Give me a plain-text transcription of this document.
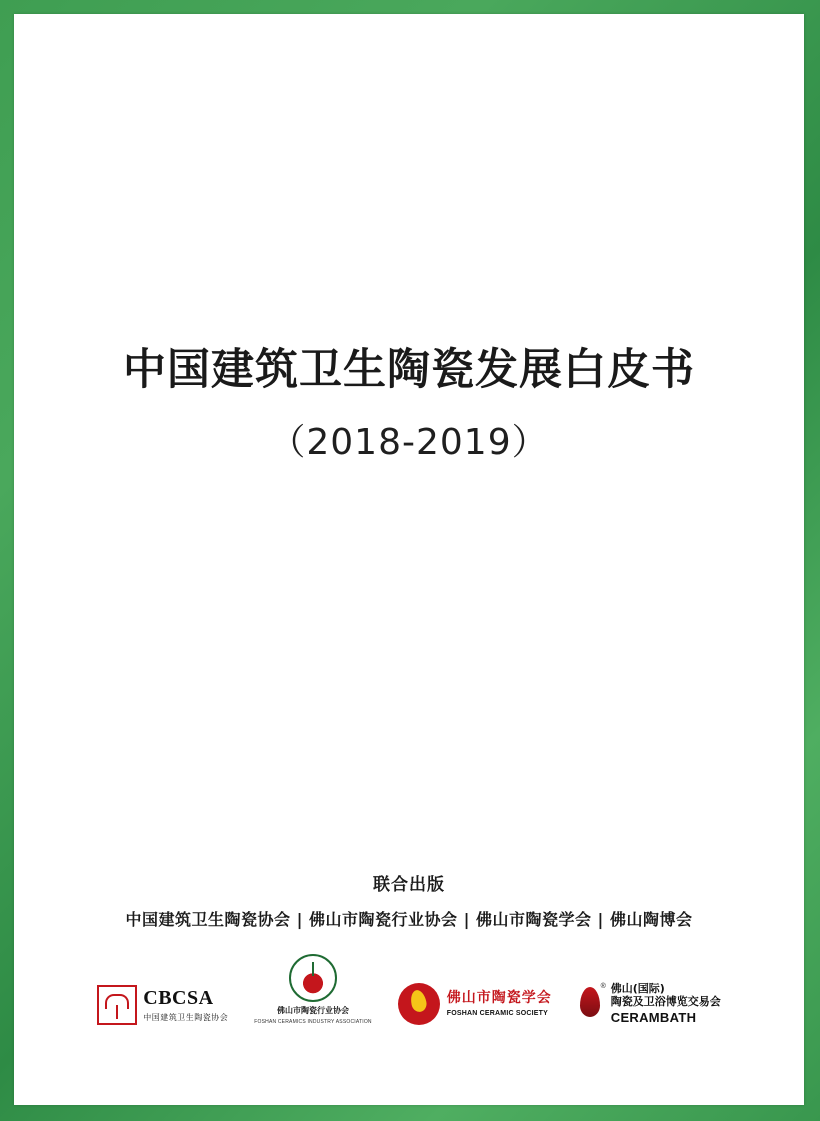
中国建筑卫生陶瓷发展白皮书
（2018-2019）
联合出版
中国建筑卫生陶瓷协会 | 佛山市陶瓷行业协会 | 佛山市陶瓷学会 | 佛山陶博会
CBCSA
中国建筑卫生陶瓷协会
佛山市陶瓷行业协会
FOSHAN CERAMICS INDUSTRY ASSOCIATION
佛山市陶瓷学会
FOSHAN CERAMIC SOCIETY
® 佛山(国际)
陶瓷及卫浴博览交易会
CERAMBATH
